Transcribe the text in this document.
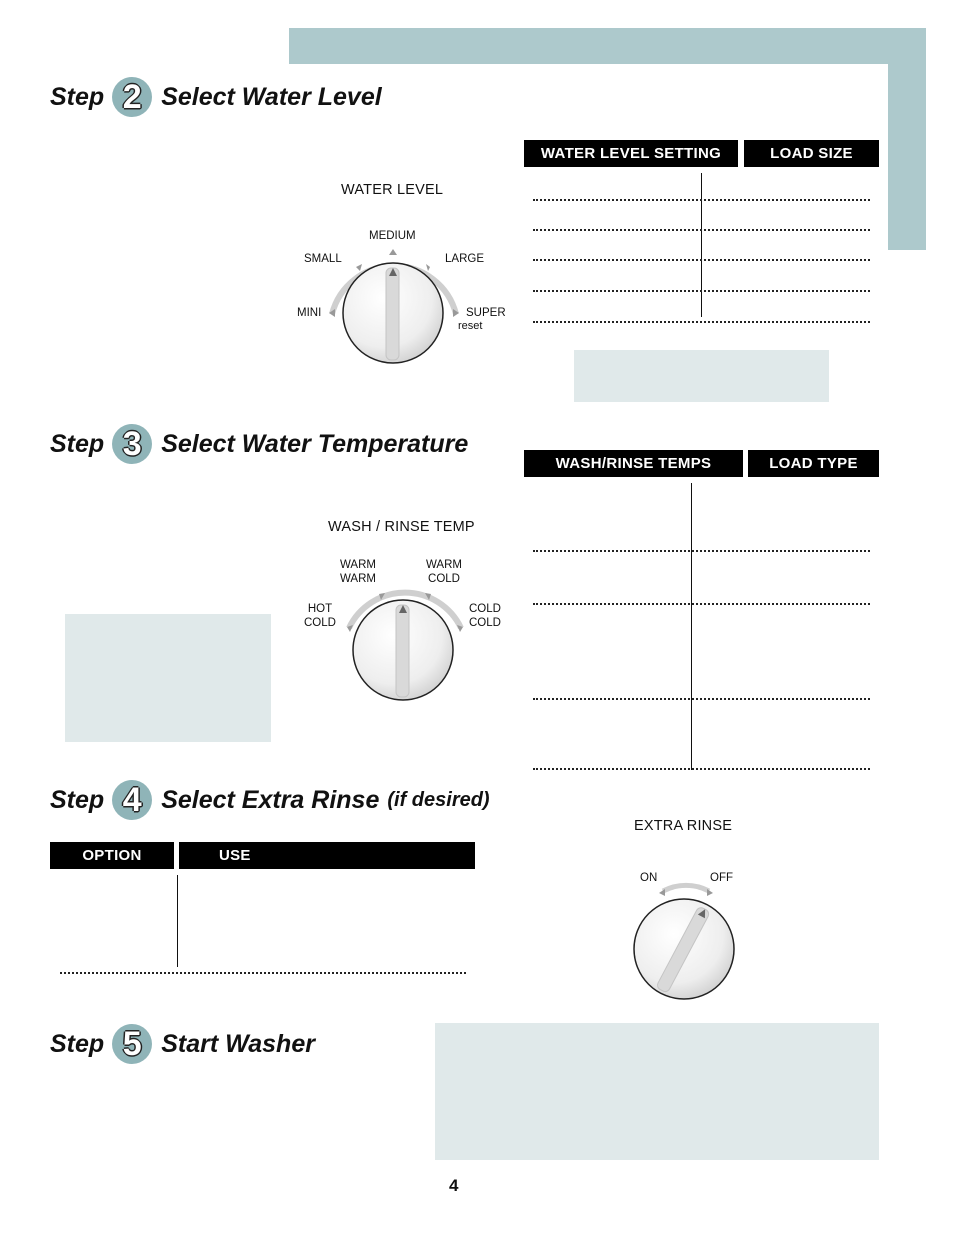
Step 2 Select Water Level
WATER LEVEL SETTING	LOAD SIZE
WATER LEVEL
MEDIUM
SMALL	LARGE
MINI	SUPER
reset
Step 3 Select Water Temperature
WASH/RINSE TEMPS	LOAD TYPE
WASH / RINSE TEMP
WARM
WARM
WARM
COLD
HOT
COLD
COLD
COLD
Step 4 Select Extra Rinse (if desired)
OPTION	USE
EXTRA RINSE
ON	OFF
Step 5 Start Washer
4
